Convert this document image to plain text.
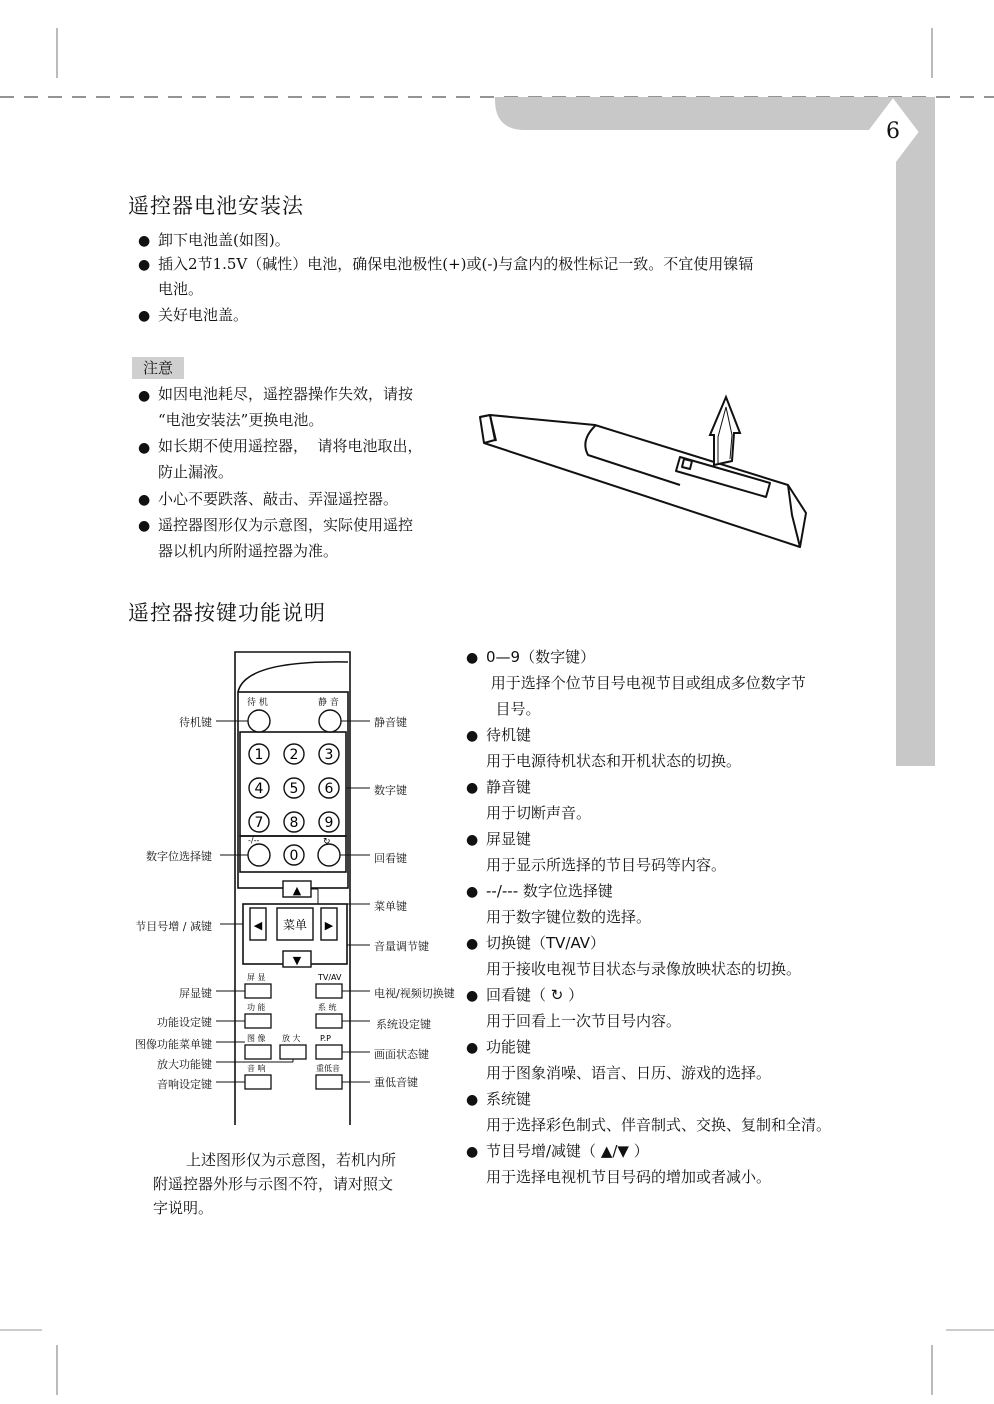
6
遥控器电池安装法
● 卸下电池盖(如图)。
● 插入2节1.5V（碱性）电池，确保电池极性(+)或(-)与盒内的极性标记一致。不宜使用镍镉
电池。
● 关好电池盖。
注意
● 如因电池耗尽，遥控器操作失效，请按
“电池安装法”更换电池。
● 如长期不使用遥控器，  请将电池取出，
防止漏液。
● 小心不要跌落、敲击、弄湿遥控器。
● 遥控器图形仅为示意图，实际使用遥控
器以机内所附遥控器为准。
遥控器按键功能说明
待 机	静 音
1 2 3
4 5 6
7 8 9
0
-/--	↻
▲
▼
◀	▶
菜单
屏 显	TV/AV
功 能	系 统
图 像 放 大 P.P
音 响	重低音
待机键
数字位选择键
节目号增 / 减键
屏显键
功能设定键
图像功能菜单键
放大功能键
音响设定键
静音键
数字键
回看键
菜单键
音量调节键
电视/视频切换键
系统设定键
画面状态键
重低音键
上述图形仅为示意图，若机内所
附遥控器外形与示图不符，请对照文
字说明。
● 0—9（数字键）
用于选择个位节目号电视节目或组成多位数字节
目号。
● 待机键
用于电源待机状态和开机状态的切换。
● 静音键
用于切断声音。
● 屏显键
用于显示所选择的节目号码等内容。
● --/--- 数字位选择键
用于数字键位数的选择。
● 切换键（TV/AV）
用于接收电视节目状态与录像放映状态的切换。
● 回看键（ ↻ ）
用于回看上一次节目号内容。
● 功能键
用于图象消噪、语言、日历、游戏的选择。
● 系统键
用于选择彩色制式、伴音制式、交换、复制和全清。
● 节目号增/减键（ ▲/▼ ）
用于选择电视机节目号码的增加或者减小。
